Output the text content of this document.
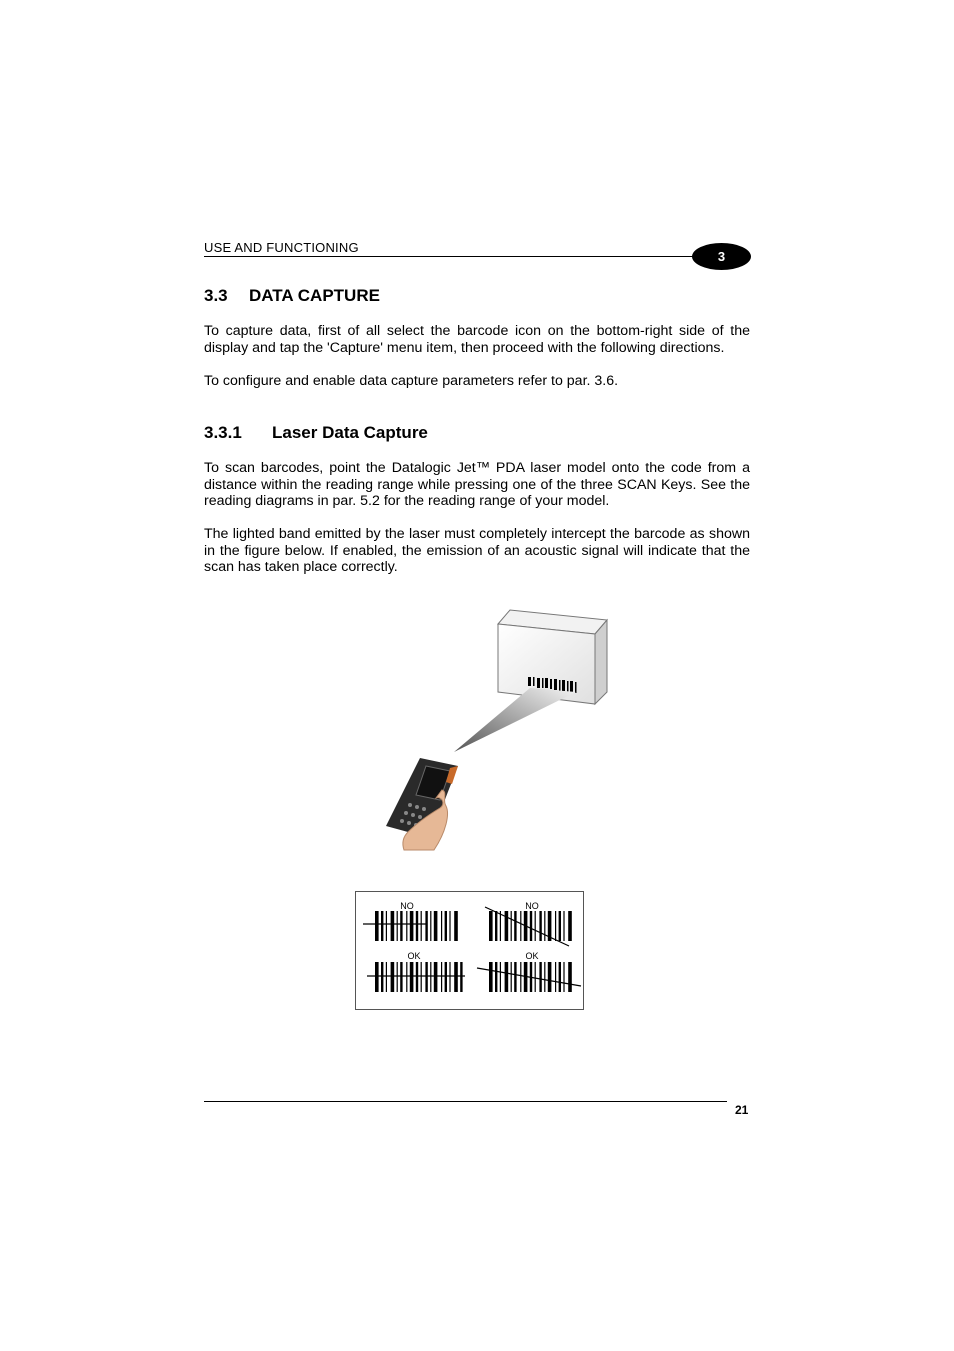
USE AND FUNCTIONING
3
3.3 DATA CAPTURE

To capture data, first of all select the barcode icon on the bottom-right side of the display and tap the 'Capture' menu item, then proceed with the following directions.

To configure and enable data capture parameters refer to par. 3.6.

3.3.1 Laser Data Capture

To scan barcodes, point the Datalogic Jet™ PDA laser model onto the code from a distance within the reading range while pressing one of the three SCAN Keys. See the reading diagrams in par. 5.2 for the reading range of your model.

The lighted band emitted by the laser must completely intercept the barcode as shown in the figure below. If enabled, the emission of an acoustic signal will indicate that the scan has taken place correctly.

NO	NO
OK	OK
21
